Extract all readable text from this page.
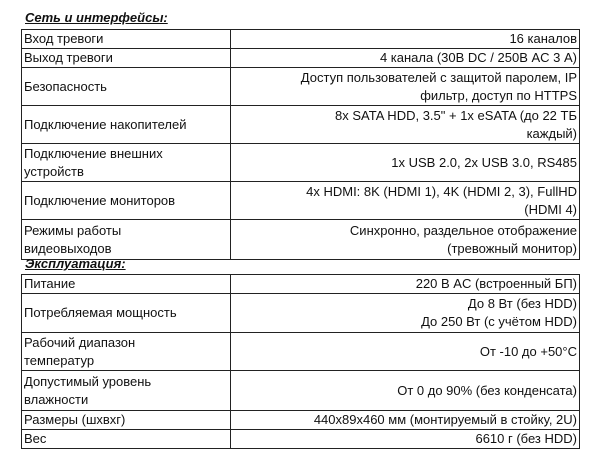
Сеть и интерфейсы:
Вход тревоги	16 каналов
Выход тревоги	4 канала (30В DC / 250В AC 3 А)
Безопасность	Доступ пользователей с защитой паролем, IP
фильтр, доступ по HTTPS

Подключение накопителей	8x SATA HDD, 3.5" + 1x eSATA (до 22 ТБ
каждый)

Подключение внешних
устройств	1x USB 2.0, 2x USB 3.0, RS485
Подключение мониторов	4x HDMI: 8K (HDMI 1), 4K (HDMI 2, 3), FullHD
(HDMI 4)

Режимы работы
видеовыходов	Синхронно, раздельное отображение
(тревожный монитор)
Эксплуатация:
Питание	220 В AC (встроенный БП)
Потребляемая мощность	До 8 Вт (без HDD)
До 250 Вт (с учётом HDD)

Рабочий диапазон
температур	От -10 до +50°C

Допустимый уровень
влажности	От 0 до 90% (без конденсата)
Размеры (шхвхг)	440x89x460 мм (монтируемый в стойку, 2U)
Вес	6610 г (без HDD)
